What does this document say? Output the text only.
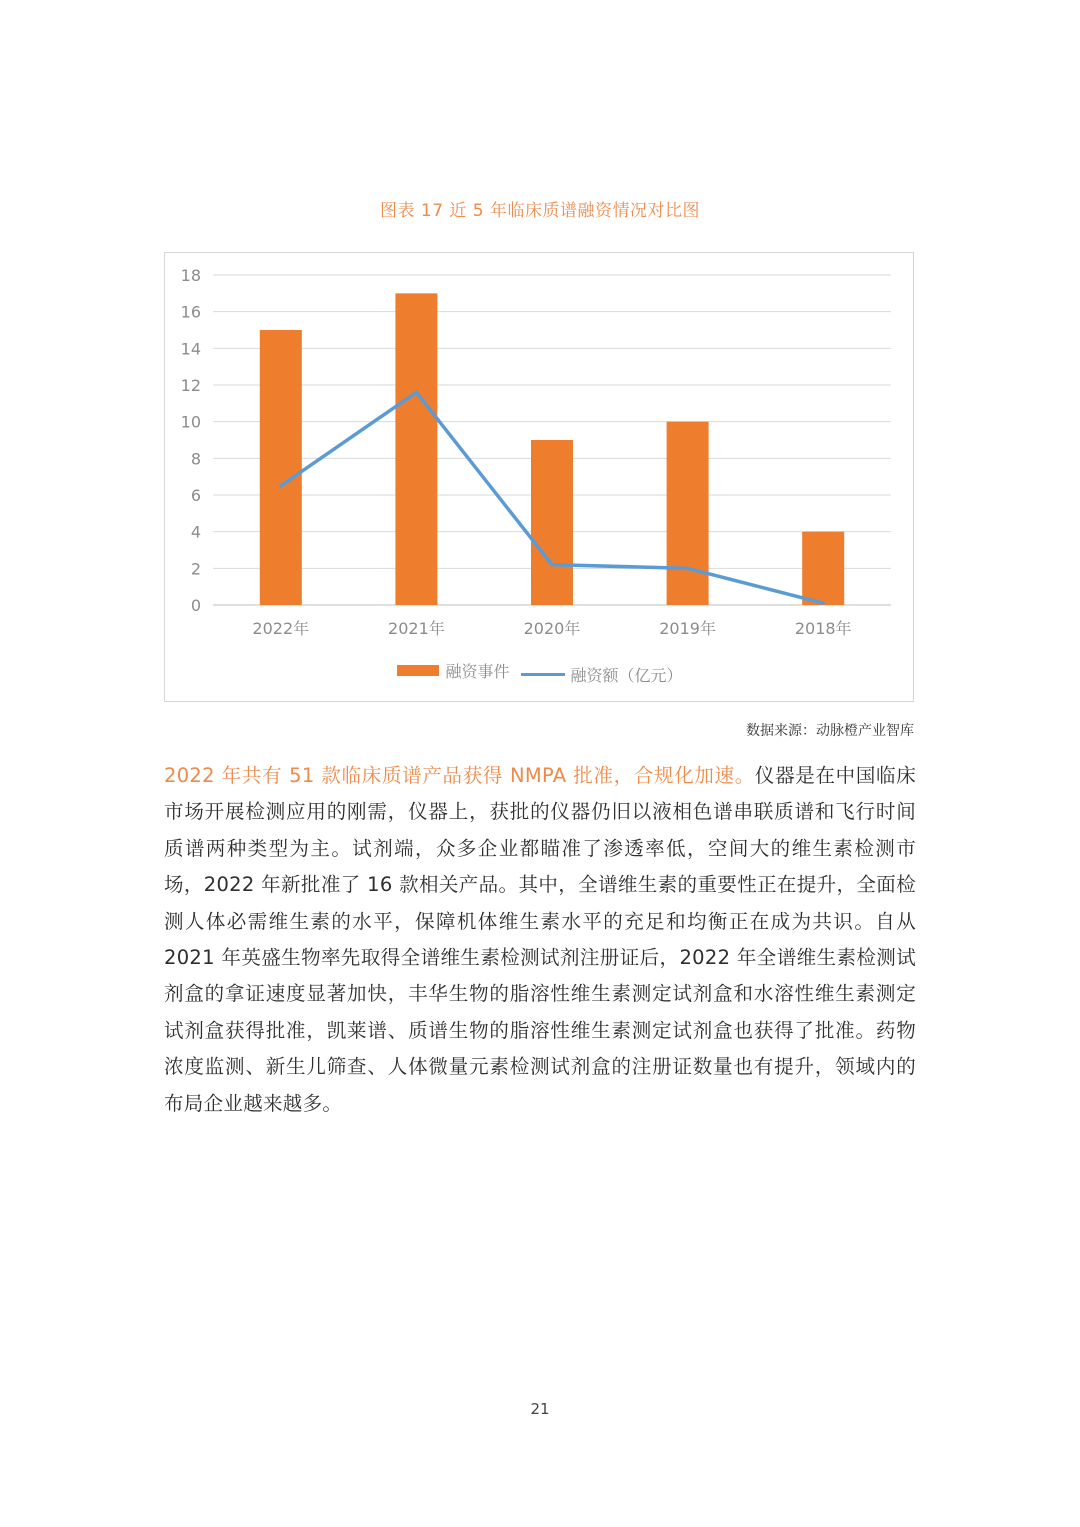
图表 17 近 5 年临床质谱融资情况对比图
0
2
4
6
8
10
12
14
16
18
2022年	2021年	2020年	2019年	2018年
融资事件
	融资额（亿元）
数据来源：动脉橙产业智库
2022 年共有 51 款临床质谱产品获得 NMPA 批准，合规化加速。仪器是在中国临床市场开展检测应用的刚需，仪器上，获批的仪器仍旧以液相色谱串联质谱和飞行时间质谱两种类型为主。试剂端，众多企业都瞄准了渗透率低，空间大的维生素检测市场，2022 年新批准了 16 款相关产品。其中，全谱维生素的重要性正在提升，全面检测人体必需维生素的水平，保障机体维生素水平的充足和均衡正在成为共识。自从 2021 年英盛生物率先取得全谱维生素检测试剂注册证后，2022 年全谱维生素检测试剂盒的拿证速度显著加快，丰华生物的脂溶性维生素测定试剂盒和水溶性维生素测定试剂盒获得批准，凯莱谱、质谱生物的脂溶性维生素测定试剂盒也获得了批准。药物浓度监测、新生儿筛查、人体微量元素检测试剂盒的注册证数量也有提升，领域内的布局企业越来越多。
21
